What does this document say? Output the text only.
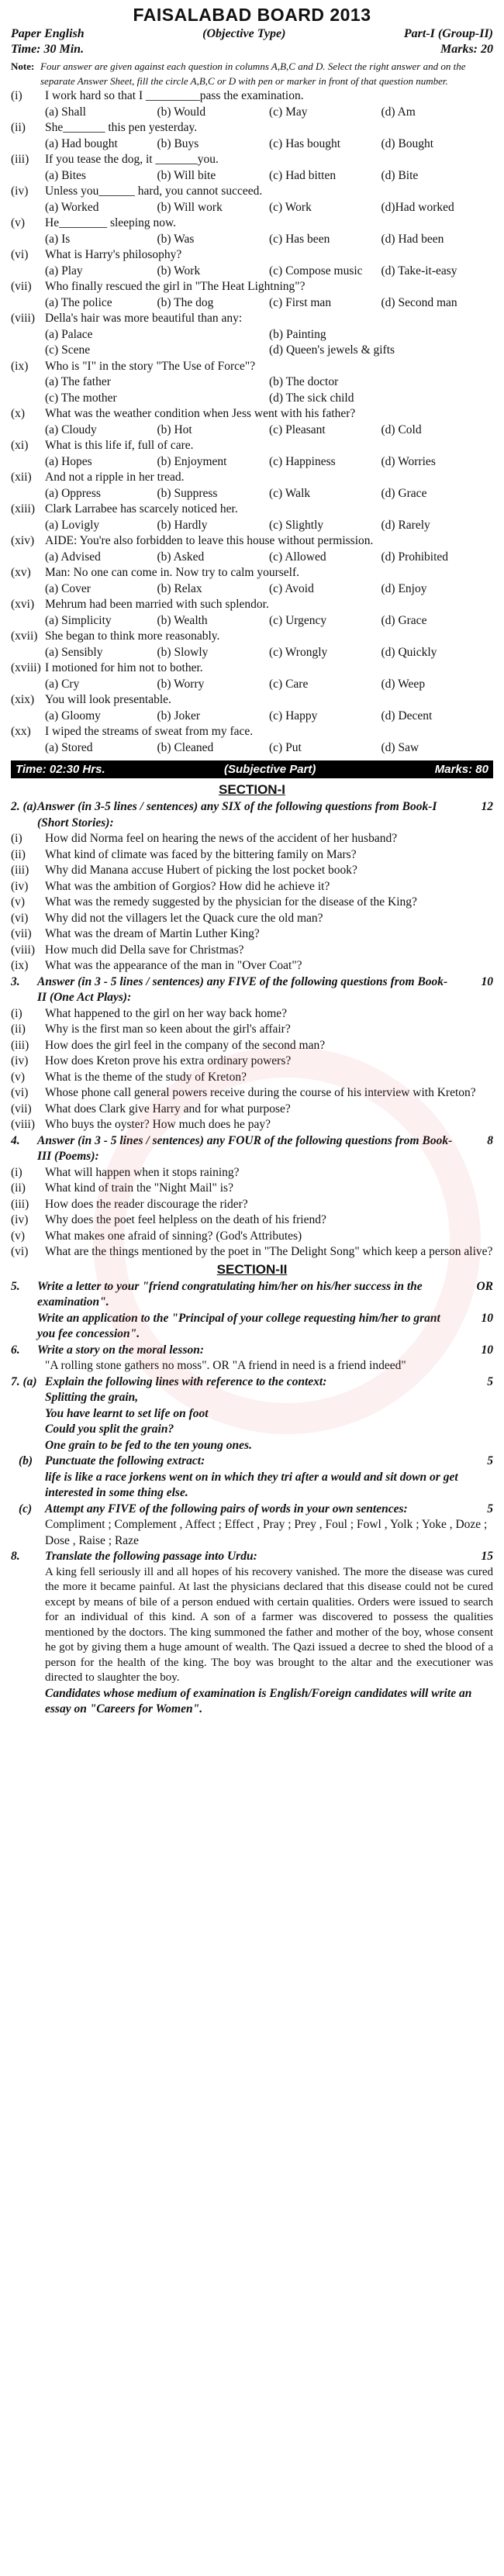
FAISALABAD BOARD 2013
Paper English	(Objective Type)	Part-I (Group-II)
Time: 30 Min.	Marks: 20
Note: Four answer are given against each question in columns A,B,C and D. Select the right answer and on the separate Answer Sheet, fill the circle A,B,C or D with pen or marker in front of that question number.
(i)	I work hard so that I _________pass the examination.
(a) Shall	(b) Would	(c) May	(d) Am
(ii)	She_______ this pen yesterday.
(a) Had bought	(b) Buys	(c) Has bought	(d) Bought
(iii)	If you tease the dog, it _______you.
(a) Bites	(b) Will bite	(c) Had bitten	(d) Bite
(iv)	Unless you______ hard, you cannot succeed.
(a) Worked	(b) Will work	(c) Work	(d)Had worked
(v)	He________ sleeping now.
(a) Is	(b) Was	(c) Has been	(d) Had been
(vi)	What is Harry's philosophy?
(a) Play	(b) Work	(c) Compose music	(d) Take-it-easy
(vii)	Who finally rescued the girl in "The Heat Lightning"?
(a) The police	(b) The dog	(c) First man	(d) Second man
(viii) Della's hair was more beautiful than any:
(a) Palace	(b) Painting
(c) Scene	(d) Queen's jewels & gifts
(ix)	Who is "I" in the story "The Use of Force"?
(a) The father	(b) The doctor
(c) The mother	(d) The sick child
(x)	What was the weather condition when Jess went with his father?
(a) Cloudy	(b) Hot	(c) Pleasant	(d) Cold
(xi)	What is this life if, full of care.
(a) Hopes	(b) Enjoyment	(c) Happiness	(d) Worries
(xii)	And not a ripple in her tread.
(a) Oppress	(b) Suppress	(c) Walk	(d) Grace
(xiii) Clark Larrabee has scarcely noticed her.
(a) Lovigly	(b) Hardly	(c) Slightly	(d) Rarely
(xiv) AIDE: You're also forbidden to leave this house without permission.
(a) Advised	(b) Asked	(c) Allowed	(d) Prohibited
(xv)	Man: No one can come in. Now try to calm yourself.
(a) Cover	(b) Relax	(c) Avoid	(d) Enjoy
(xvi) Mehrum had been married with such splendor.
(a) Simplicity	(b) Wealth	(c) Urgency	(d) Grace
(xvii) She began to think more reasonably.
(a) Sensibly	(b) Slowly	(c) Wrongly	(d) Quickly
(xviii) I motioned for him not to bother.
(a) Cry	(b) Worry	(c) Care	(d) Weep
(xix) You will look presentable.
(a) Gloomy	(b) Joker	(c) Happy	(d) Decent
(xx)	I wiped the streams of sweat from my face.
(a) Stored	(b) Cleaned	(c) Put	(d) Saw
Time: 02:30 Hrs.	(Subjective Part)	Marks: 80
SECTION-I
2. (a) Answer (in 3-5 lines / sentences) any SIX of the following questions from Book-I (Short Stories):
12
(i)	How did Norma feel on hearing the news of the accident of her husband?
(ii)	What kind of climate was faced by the bittering family on Mars?
(iii)	Why did Manana accuse Hubert of picking the lost pocket book?
(iv)	What was the ambition of Gorgios? How did he achieve it?
(v)	What was the remedy suggested by the physician for the disease of the King?
(vi)	Why did not the villagers let the Quack cure the old man?
(vii)	What was the dream of Martin Luther King?
(viii) How much did Della save for Christmas?
(ix)	What was the appearance of the man in "Over Coat"?
3.	Answer (in 3 - 5 lines / sentences) any FIVE of the following questions from Book-II (One Act Plays):
10
(i)	What happened to the girl on her way back home?
(ii)	Why is the first man so keen about the girl's affair?
(iii)	How does the girl feel in the company of the second man?
(iv)	How does Kreton prove his extra ordinary powers?
(v)	What is the theme of the study of Kreton?
(vi)	Whose phone call general powers receive during the course of his interview with Kreton?
(vii)	What does Clark give Harry and for what purpose?
(viii) Who buys the oyster? How much does he pay?
4.	Answer (in 3 - 5 lines / sentences) any FOUR of the following questions from Book-III (Poems):
8
(i)	What will happen when it stops raining?
(ii)	What kind of train the "Night Mail" is?
(iii)	How does the reader discourage the rider?
(iv)	Why does the poet feel helpless on the death of his friend?
(v)	What makes one afraid of sinning? (God's Attributes)
(vi)	What are the things mentioned by the poet in "The Delight Song" which keep a person alive?
SECTION-II
5.	Write a letter to your "friend congratulating him/her on his/her success in the examination".
OR
Write an application to the "Principal of your college requesting him/her to grant you fee concession".
10
6.	Write a story on the moral lesson:	10
"A rolling stone gathers no moss". OR "A friend in need is a friend indeed"
7. (a) Explain the following lines with reference to the context:	5
Splitting the grain,
You have learnt to set life on foot
Could you split the grain?
One grain to be fed to the ten young ones.
(b)	Punctuate the following extract:	5
life is like a race jorkens went on in which they tri after a would and sit down or get interested in some thing else.
(c)	Attempt any FIVE of the following pairs of words in your own sentences:	5
Compliment ; Complement , Affect ; Effect , Pray ; Prey , Foul ; Fowl , Yolk ; Yoke , Doze ; Dose , Raise ; Raze
8.	Translate the following passage into Urdu:	15
A king fell seriously ill and all hopes of his recovery vanished. The more the disease was cured the more it became painful. At last the physicians declared that this disease could not be cured except by means of bile of a person endued with certain qualities. Orders were issued to search for an individual of this kind. A son of a farmer was discovered to possess the qualities mentioned by the doctors. The king summoned the father and mother of the boy, whose consent he got by giving them a huge amount of wealth. The Qazi issued a decree to shed the blood of a person for the health of the king. The boy was brought to the altar and the executioner was directed to slaughter the boy.
Candidates whose medium of examination is English/Foreign candidates will write an essay on "Careers for Women".
